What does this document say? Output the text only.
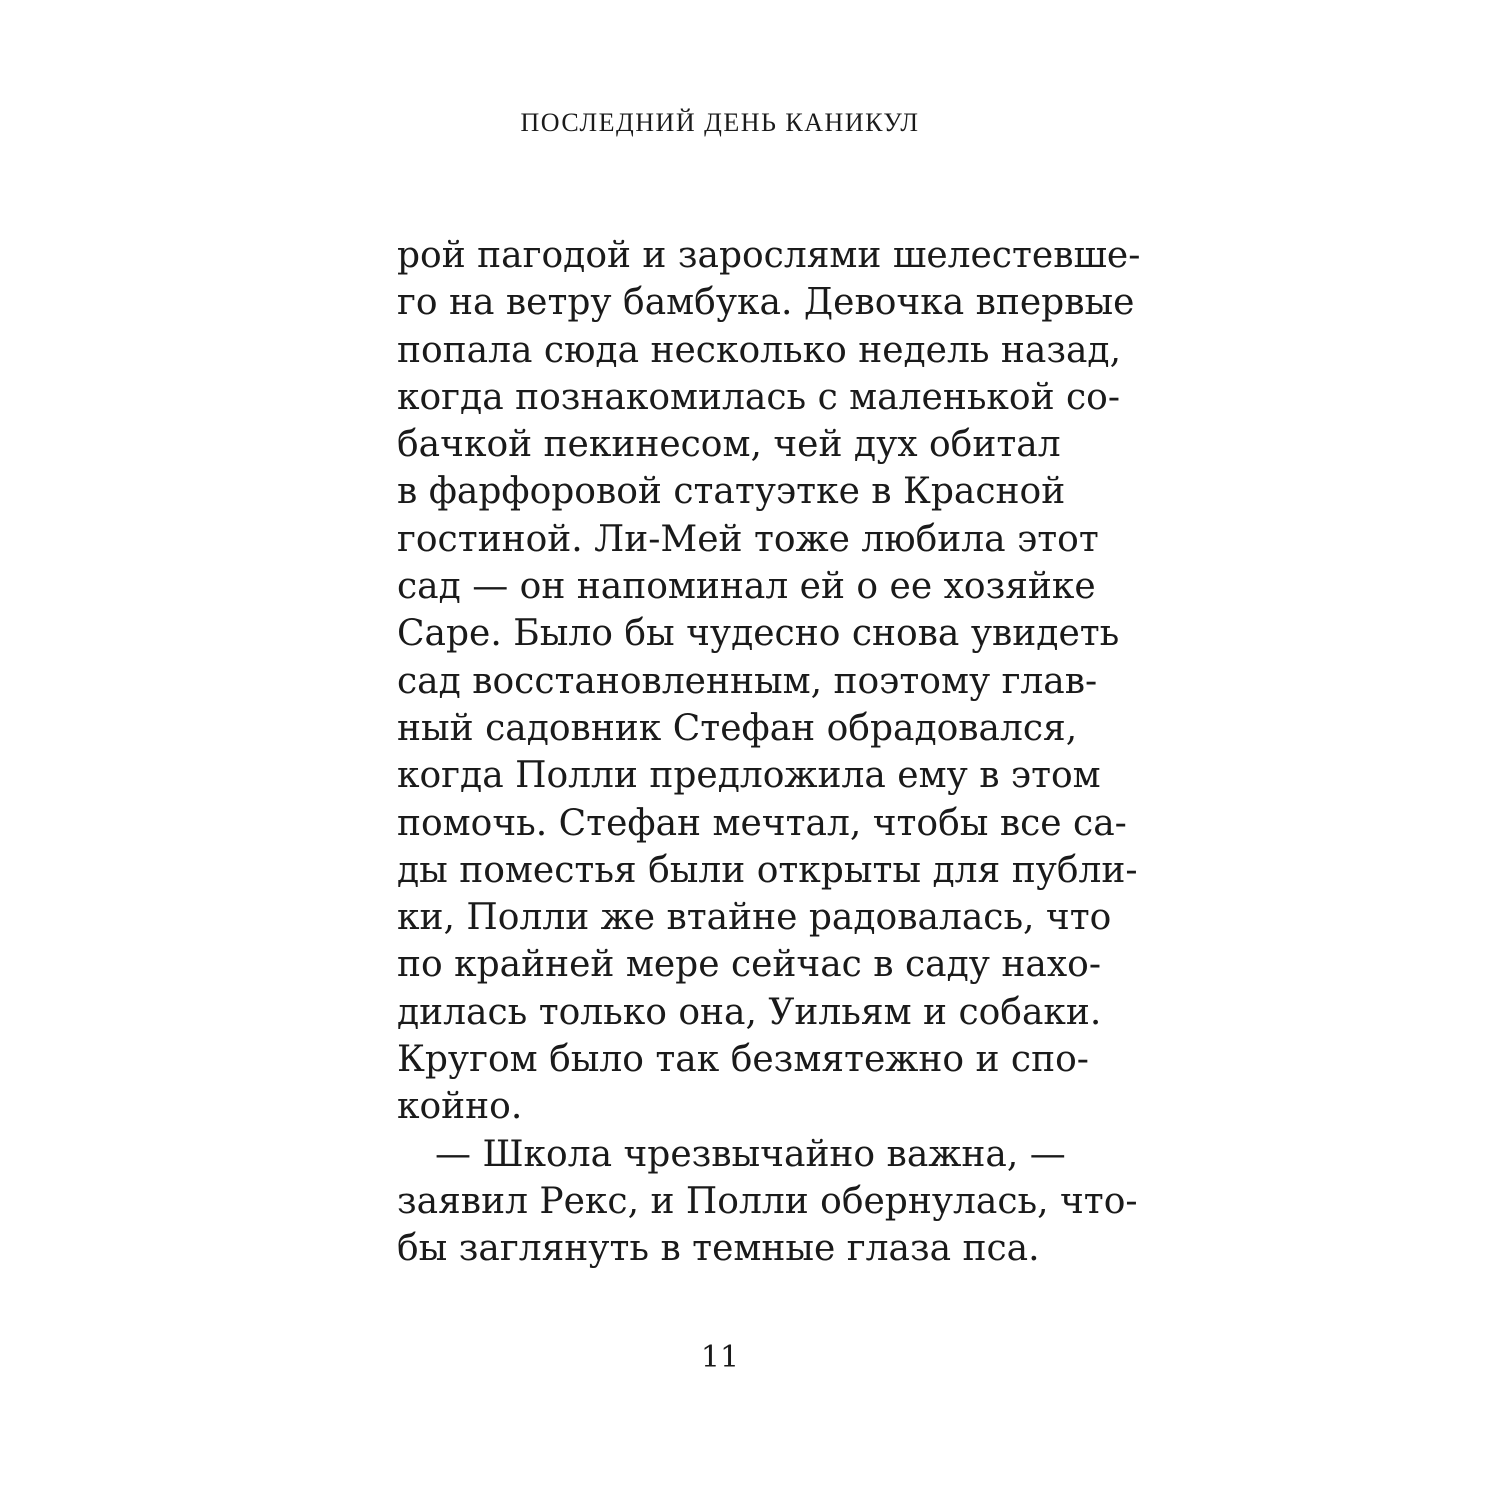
ПОСЛЕДНИЙ ДЕНЬ КАНИКУЛ
рой пагодой и зарослями шелестевше-
го на ветру бамбука. Девочка впервые
попала сюда несколько недель назад,
когда познакомилась с маленькой со-
бачкой пекинесом, чей дух обитал
в фарфоровой статуэтке в Красной
гостиной. Ли-Мей тоже любила этот
сад — он напоминал ей о ее хозяйке
Саре. Было бы чудесно снова увидеть
сад восстановленным, поэтому глав-
ный садовник Стефан обрадовался,
когда Полли предложила ему в этом
помочь. Стефан мечтал, чтобы все са-
ды поместья были открыты для публи-
ки, Полли же втайне радовалась, что
по крайней мере сейчас в саду нахо-
дилась только она, Уильям и собаки.
Кругом было так безмятежно и спо-
койно.
— Школа чрезвычайно важна, —
заявил Рекс, и Полли обернулась, что-
бы заглянуть в темные глаза пса.
11
